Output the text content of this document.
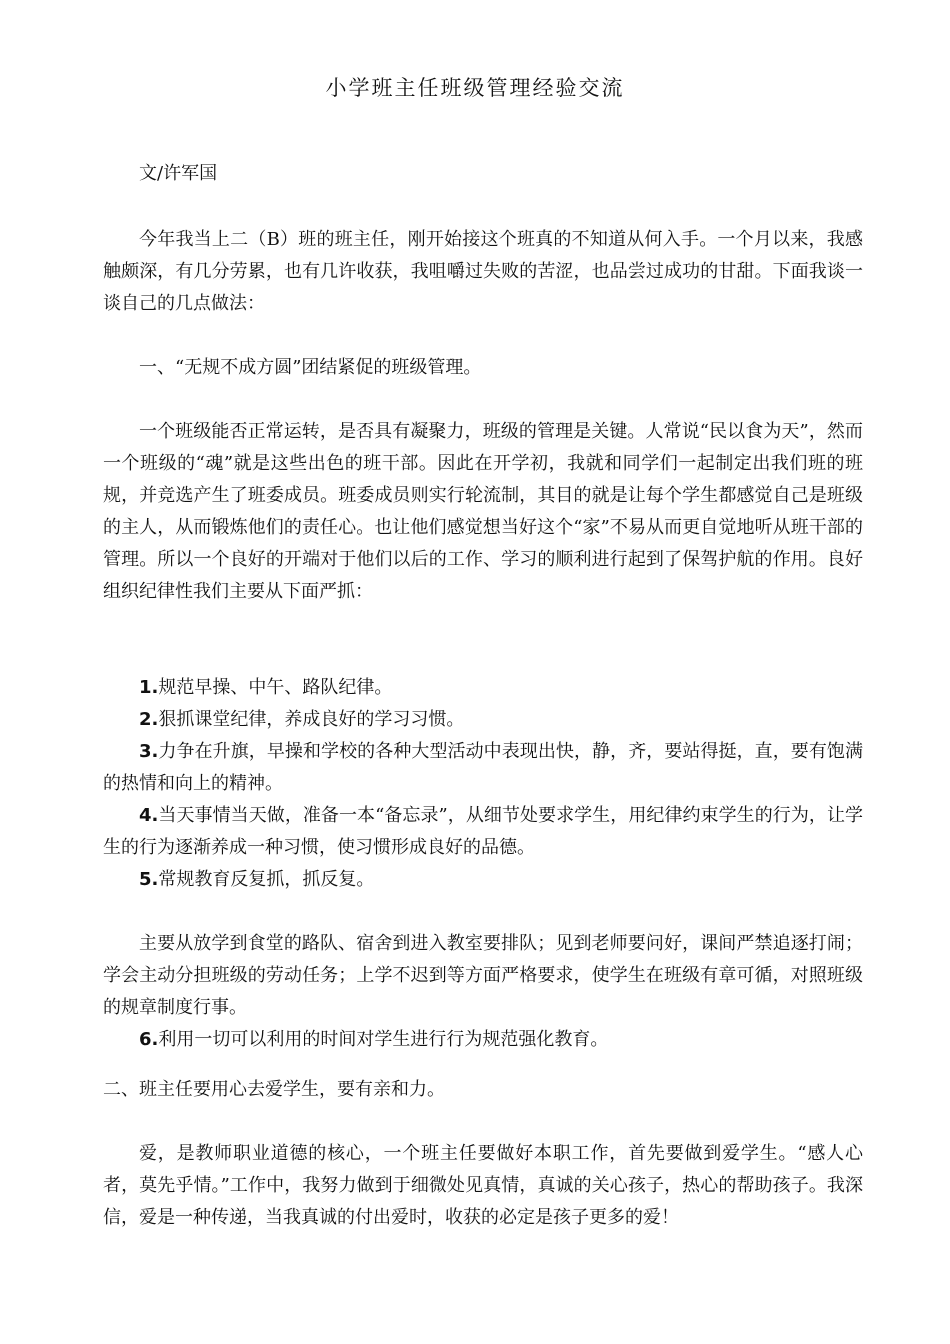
小学班主任班级管理经验交流
文/许军国

今年我当上二（B）班的班主任，刚开始接这个班真的不知道从何入手。一个月以来，我感触颇深，有几分劳累，也有几许收获，我咀嚼过失败的苦涩，也品尝过成功的甘甜。下面我谈一谈自己的几点做法：

一、“无规不成方圆”团结紧促的班级管理。

一个班级能否正常运转，是否具有凝聚力，班级的管理是关键。人常说“民以食为天”，然而一个班级的“魂”就是这些出色的班干部。因此在开学初，我就和同学们一起制定出我们班的班规，并竞选产生了班委成员。班委成员则实行轮流制，其目的就是让每个学生都感觉自己是班级的主人，从而锻炼他们的责任心。也让他们感觉想当好这个“家”不易从而更自觉地听从班干部的管理。所以一个良好的开端对于他们以后的工作、学习的顺利进行起到了保驾护航的作用。良好组织纪律性我们主要从下面严抓：

1.规范早操、中午、路队纪律。

2.狠抓课堂纪律，养成良好的学习习惯。

3.力争在升旗，早操和学校的各种大型活动中表现出快，静，齐，要站得挺，直，要有饱满的热情和向上的精神。

4.当天事情当天做，准备一本“备忘录”，从细节处要求学生，用纪律约束学生的行为，让学生的行为逐渐养成一种习惯，使习惯形成良好的品德。

5.常规教育反复抓，抓反复。

主要从放学到食堂的路队、宿舍到进入教室要排队；见到老师要问好，课间严禁追逐打闹；学会主动分担班级的劳动任务；上学不迟到等方面严格要求，使学生在班级有章可循，对照班级的规章制度行事。

6.利用一切可以利用的时间对学生进行行为规范强化教育。

二、班主任要用心去爱学生，要有亲和力。

爱，是教师职业道德的核心，一个班主任要做好本职工作，首先要做到爱学生。“感人心者，莫先乎情。”工作中，我努力做到于细微处见真情，真诚的关心孩子，热心的帮助孩子。我深信，爱是一种传递，当我真诚的付出爱时，收获的必定是孩子更多的爱！
